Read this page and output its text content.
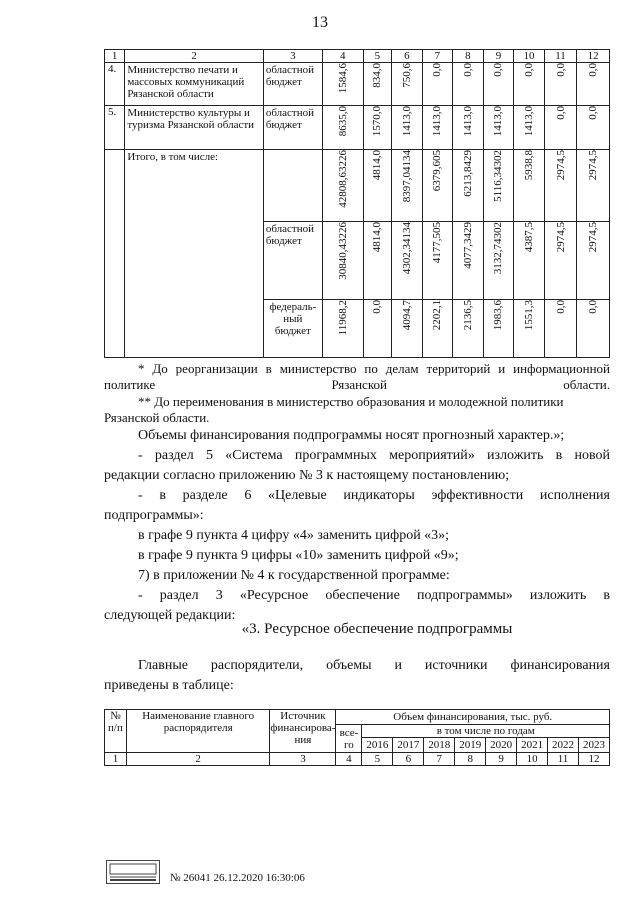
13
1	2	3	4	5	6	7	8	9	10	11	12
4.	Министерство печати и массовых коммуникаций Рязанской области	областной бюджет	1584,6	834,0	750,6	0,0	0,0	0,0	0,0	0,0	0,0
5.	Министерство культуры и туризма Рязанской области	областной бюджет	8635,0	1570,0	1413,0	1413,0	1413,0	1413,0	1413,0	0,0	0,0
	Итого, в том числе:		42808,63226	4814,0	8397,04134	6379,605	6213,8429	5116,34302	5938,8	2974,5	2974,5
		областной бюджет	30840,43226	4814,0	4302,34134	4177,505	4077,3429	3132,74302	4387,5	2974,5	2974,5
		федераль-ный бюджет	11968,2	0,0	4094,7	2202,1	2136,5	1983,6	1551,3	0,0	0,0
* До реорганизации в министерство по делам территорий и информационной политике Рязанской области.
** До переименования в министерство образования и молодежной политики Рязанской области.
Объемы финансирования подпрограммы носят прогнозный характер.»;
- раздел 5 «Система программных мероприятий» изложить в новой
редакции согласно приложению № 3 к настоящему постановлению;
- в разделе 6 «Целевые индикаторы эффективности исполнения
подпрограммы»:
в графе 9 пункта 4 цифру «4» заменить цифрой «3»;
в графе 9 пункта 9 цифры «10» заменить цифрой «9»;
7) в приложении № 4 к государственной программе:
- раздел 3 «Ресурсное обеспечение подпрограммы» изложить в
следующей редакции:
«3. Ресурсное обеспечение подпрограммы
Главные распорядители, объемы и источники финансирования
приведены в таблице:
№ п/п	Наименование главного распорядителя	Источник финансирова-ния	Объем финансирования, тыс. руб.								
			все-го	в том числе по годам							
				2016	2017	2018	2019	2020	2021	2022	2023
1	2	3	4	5	6	7	8	9	10	11	12
№ 26041 26.12.2020 16:30:06
